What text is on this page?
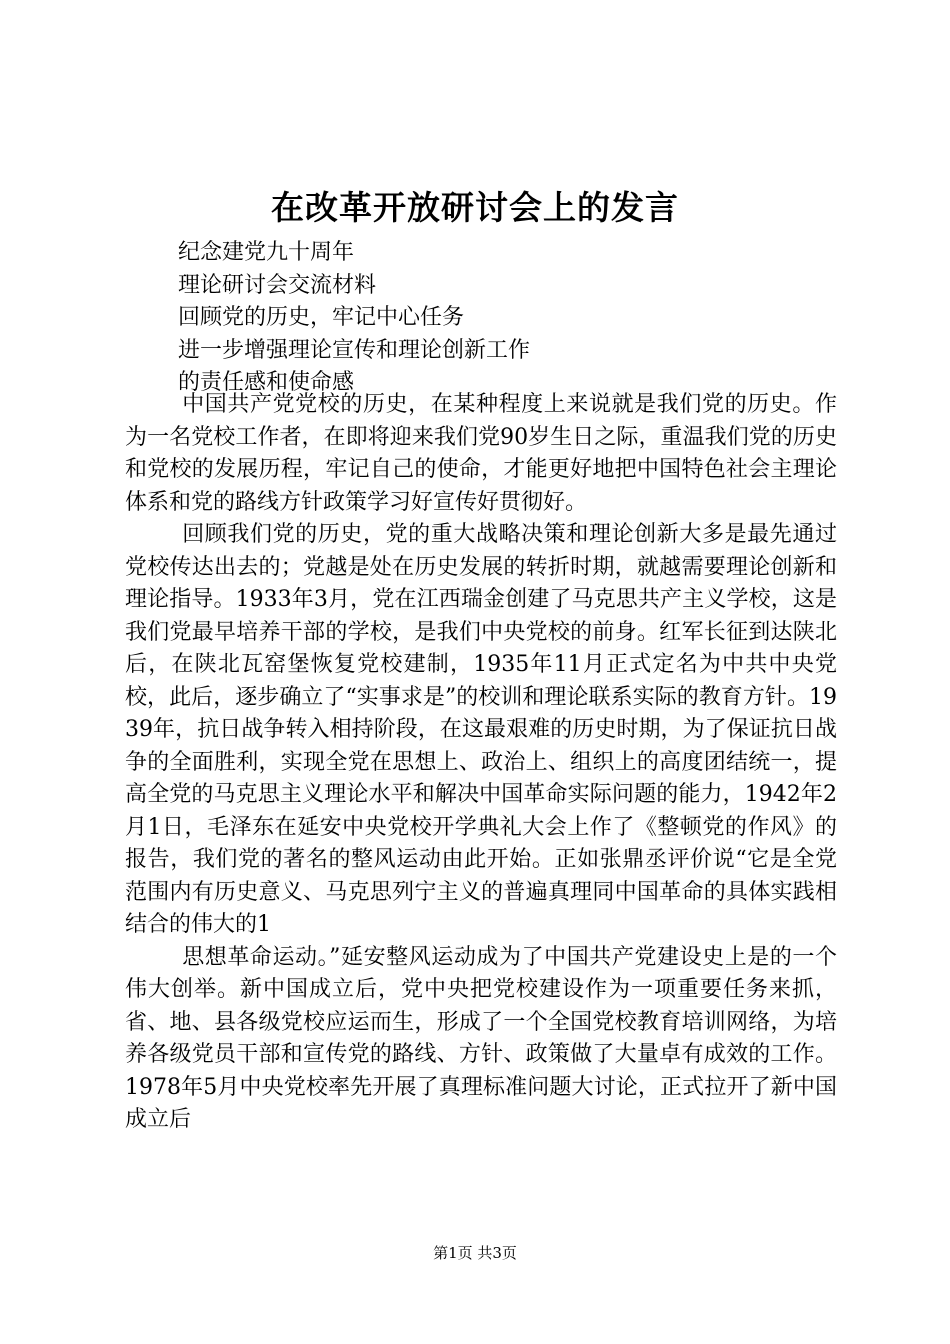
在改革开放研讨会上的发言
纪念建党九十周年
理论研讨会交流材料
回顾党的历史，牢记中心任务
进一步增强理论宣传和理论创新工作
的责任感和使命感

中国共产党党校的历史，在某种程度上来说就是我们党的历史。作为一名党校工作者，在即将迎来我们党90岁生日之际，重温我们党的历史和党校的发展历程，牢记自己的使命，才能更好地把中国特色社会主理论体系和党的路线方针政策学习好宣传好贯彻好。

回顾我们党的历史，党的重大战略决策和理论创新大多是最先通过党校传达出去的；党越是处在历史发展的转折时期，就越需要理论创新和理论指导。1933年3月，党在江西瑞金创建了马克思共产主义学校，这是我们党最早培养干部的学校，是我们中央党校的前身。红军长征到达陕北后，在陕北瓦窑堡恢复党校建制，1935年11月正式定名为中共中央党校，此后，逐步确立了“实事求是”的校训和理论联系实际的教育方针。1939年，抗日战争转入相持阶段，在这最艰难的历史时期，为了保证抗日战争的全面胜利，实现全党在思想上、政治上、组织上的高度团结统一，提高全党的马克思主义理论水平和解决中国革命实际问题的能力，1942年2月1日，毛泽东在延安中央党校开学典礼大会上作了《整顿党的作风》的报告，我们党的著名的整风运动由此开始。正如张鼎丞评价说“它是全党范围内有历史意义、马克思列宁主义的普遍真理同中国革命的具体实践相结合的伟大的1

思想革命运动。”延安整风运动成为了中国共产党建设史上是的一个伟大创举。新中国成立后，党中央把党校建设作为一项重要任务来抓，省、地、县各级党校应运而生，形成了一个全国党校教育培训网络，为培养各级党员干部和宣传党的路线、方针、政策做了大量卓有成效的工作。1978年5月中央党校率先开展了真理标准问题大讨论，正式拉开了新中国成立后

第1页 共3页
